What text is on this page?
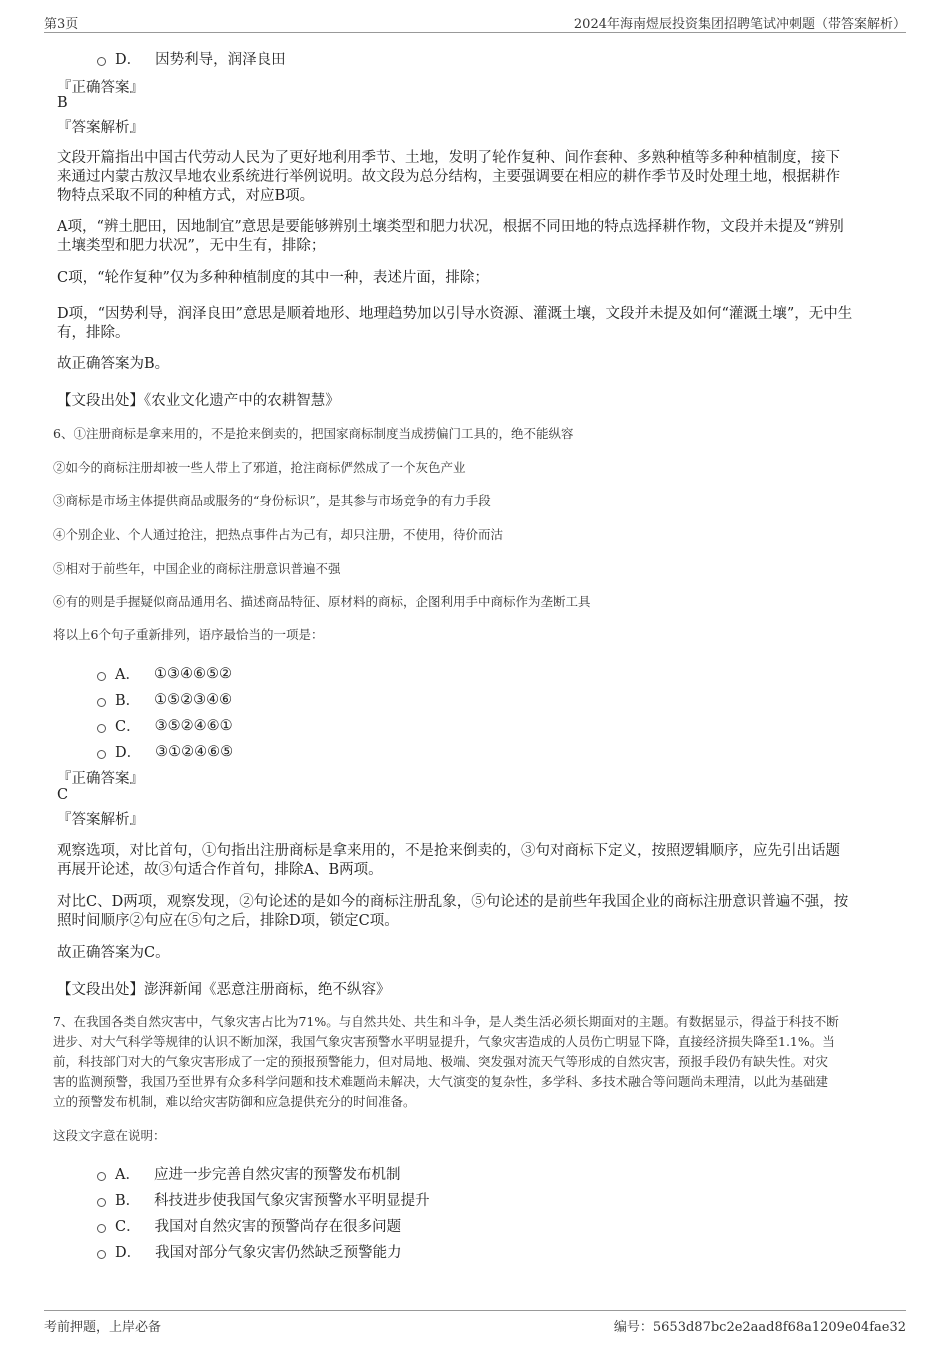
第3页	2024年海南煜辰投资集团招聘笔试冲刺题（带答案解析）
D． 因势利导，润泽良田
『正确答案』
B
『答案解析』
文段开篇指出中国古代劳动人民为了更好地利用季节、土地，发明了轮作复种、间作套种、多熟种植等多种种植制度，接下
来通过内蒙古敖汉旱地农业系统进行举例说明。故文段为总分结构，主要强调要在相应的耕作季节及时处理土地，根据耕作
物特点采取不同的种植方式，对应B项。
A项，“辨土肥田，因地制宜”意思是要能够辨别土壤类型和肥力状况，根据不同田地的特点选择耕作物，文段并未提及“辨别
土壤类型和肥力状况”，无中生有，排除；
C项，“轮作复种”仅为多种种植制度的其中一种，表述片面，排除；
D项，“因势利导，润泽良田”意思是顺着地形、地理趋势加以引导水资源、灌溉土壤，文段并未提及如何“灌溉土壤”，无中生
有，排除。
故正确答案为B。
【文段出处】《农业文化遗产中的农耕智慧》
6、①注册商标是拿来用的，不是抢来倒卖的，把国家商标制度当成捞偏门工具的，绝不能纵容
②如今的商标注册却被一些人带上了邪道，抢注商标俨然成了一个灰色产业
③商标是市场主体提供商品或服务的“身份标识”，是其参与市场竞争的有力手段
④个别企业、个人通过抢注，把热点事件占为己有，却只注册，不使用，待价而沽
⑤相对于前些年，中国企业的商标注册意识普遍不强
⑥有的则是手握疑似商品通用名、描述商品特征、原材料的商标，企图利用手中商标作为垄断工具
将以上6个句子重新排列，语序最恰当的一项是：
A． ①③④⑥⑤②
B． ①⑤②③④⑥
C． ③⑤②④⑥①
D． ③①②④⑥⑤
『正确答案』
C
『答案解析』
观察选项，对比首句，①句指出注册商标是拿来用的，不是抢来倒卖的，③句对商标下定义，按照逻辑顺序，应先引出话题
再展开论述，故③句适合作首句，排除A、B两项。
对比C、D两项，观察发现，②句论述的是如今的商标注册乱象，⑤句论述的是前些年我国企业的商标注册意识普遍不强，按
照时间顺序②句应在⑤句之后，排除D项，锁定C项。
故正确答案为C。
【文段出处】澎湃新闻《恶意注册商标，绝不纵容》
7、在我国各类自然灾害中，气象灾害占比为71%。与自然共处、共生和斗争，是人类生活必须长期面对的主题。有数据显示，得益于科技不断
进步、对大气科学等规律的认识不断加深，我国气象灾害预警水平明显提升，气象灾害造成的人员伤亡明显下降，直接经济损失降至1.1%。当
前，科技部门对大的气象灾害形成了一定的预报预警能力，但对局地、极端、突发强对流天气等形成的自然灾害，预报手段仍有缺失性。对灾
害的监测预警，我国乃至世界有众多科学问题和技术难题尚未解决，大气演变的复杂性，多学科、多技术融合等问题尚未理清，以此为基础建
立的预警发布机制，难以给灾害防御和应急提供充分的时间准备。
这段文字意在说明：
A． 应进一步完善自然灾害的预警发布机制
B． 科技进步使我国气象灾害预警水平明显提升
C． 我国对自然灾害的预警尚存在很多问题
D． 我国对部分气象灾害仍然缺乏预警能力
考前押题，上岸必备	编号：5653d87bc2e2aad8f68a1209e04fae32
